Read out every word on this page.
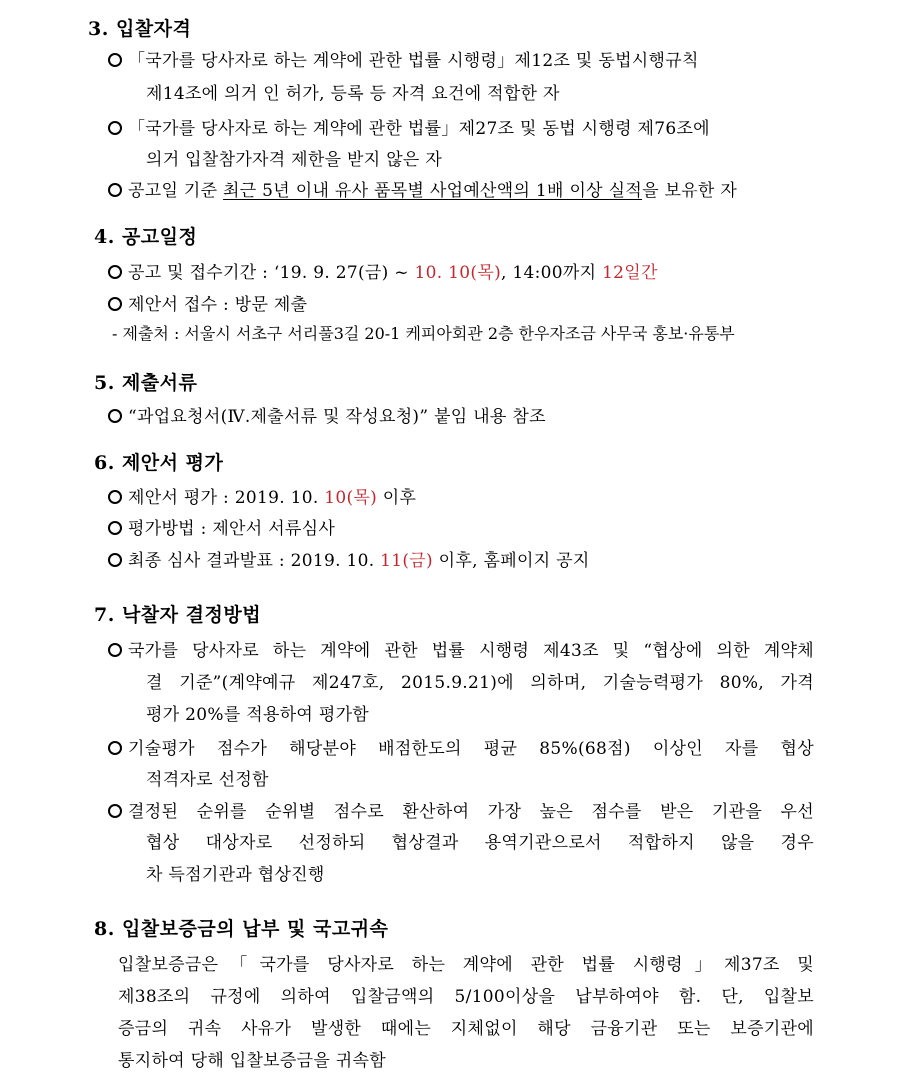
3. 입찰자격
「국가를 당사자로 하는 계약에 관한 법률 시행령」제12조 및 동법시행규칙
제14조에 의거 인 허가, 등록 등 자격 요건에 적합한 자
「국가를 당사자로 하는 계약에 관한 법률」제27조 및 동법 시행령 제76조에
의거 입찰참가자격 제한을 받지 않은 자
공고일 기준 최근 5년 이내 유사 품목별 사업예산액의 1배 이상 실적을 보유한 자
4. 공고일정
공고 및 접수기간 : ‘19. 9. 27(금) ~ 10. 10(목), 14:00까지 12일간
제안서 접수 : 방문 제출
- 제출처 : 서울시 서초구 서리풀3길 20-1 케피아회관 2층 한우자조금 사무국 홍보·유통부
5. 제출서류
“과업요청서(Ⅳ.제출서류 및 작성요청)” 붙임 내용 참조
6. 제안서 평가
제안서 평가 : 2019. 10. 10(목) 이후
평가방법 : 제안서 서류심사
최종 심사 결과발표 : 2019. 10. 11(금) 이후, 홈페이지 공지
7. 낙찰자 결정방법
국가를 당사자로 하는 계약에 관한 법률 시행령 제43조 및 “협상에 의한 계약체
결 기준”(계약예규 제247호, 2015.9.21)에 의하며, 기술능력평가 80%, 가격
평가 20%를 적용하여 평가함
기술평가 점수가 해당분야 배점한도의 평균 85%(68점) 이상인 자를 협상
적격자로 선정함
결정된 순위를 순위별 점수로 환산하여 가장 높은 점수를 받은 기관을 우선
협상 대상자로 선정하되 협상결과 용역기관으로서 적합하지 않을 경우
차 득점기관과 협상진행
8. 입찰보증금의 납부 및 국고귀속
입찰보증금은「국가를 당사자로 하는 계약에 관한 법률 시행령」제37조 및
제38조의 규정에 의하여 입찰금액의 5/100이상을 납부하여야 함. 단, 입찰보
증금의 귀속 사유가 발생한 때에는 지체없이 해당 금융기관 또는 보증기관에
통지하여 당해 입찰보증금을 귀속함
